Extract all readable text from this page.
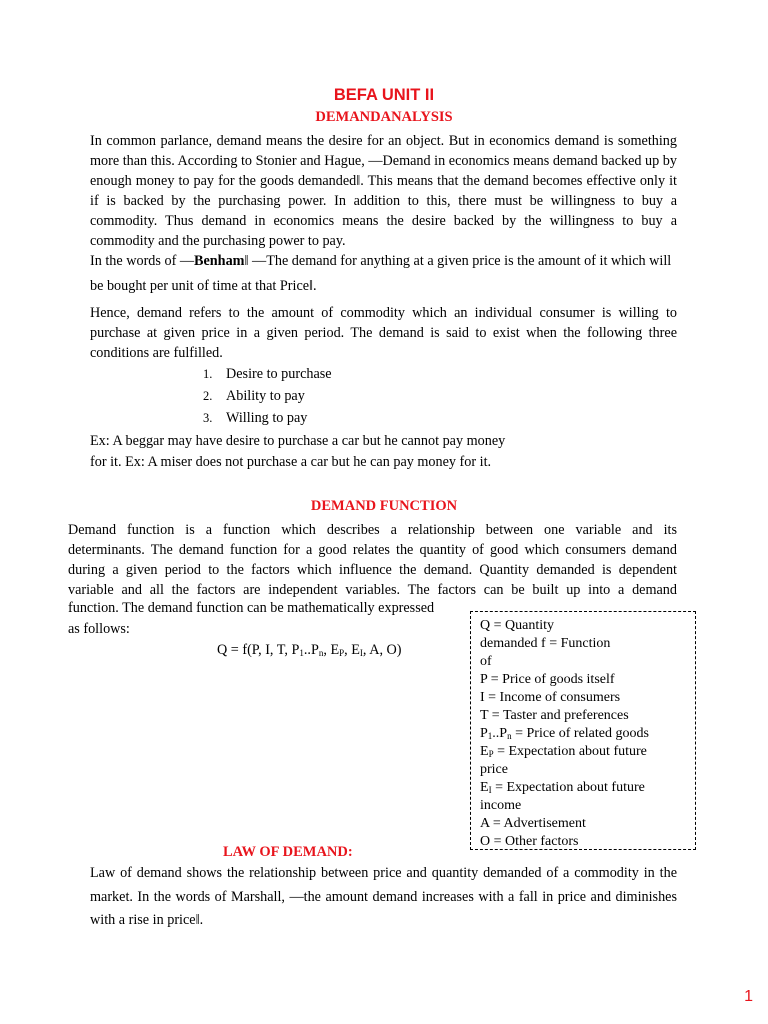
BEFA UNIT II
DEMANDANALYSIS
In common parlance, demand means the desire for an object. But in economics demand is something more than this. According to Stonier and Hague, —Demand in economics means demand backed up by enough money to pay for the goods demanded‖. This means that the demand becomes effective only it if is backed by the purchasing power. In addition to this, there must be willingness to buy a commodity. Thus demand in economics means the desire backed by the willingness to buy a commodity and the purchasing power to pay.
In the words of —Benham‖ —The demand for anything at a given price is the amount of it which will
be bought per unit of time at that Price‖.
Hence, demand refers to the amount of commodity which an individual consumer is willing to purchase at given price in a given period. The demand is said to exist when the following three conditions are fulfilled.
1. Desire to purchase
2. Ability to pay
3. Willing to pay
Ex: A beggar may have desire to purchase a car but he cannot pay money
for it. Ex: A miser does not purchase a car but he can pay money for it.
DEMAND FUNCTION
Demand function is a function which describes a relationship between one variable and its
determinants. The demand function for a good relates the quantity of good which consumers demand
during a given period to the factors which influence the demand. Quantity demanded is dependent
variable and all the factors are independent variables. The factors can be built up into a demand
function. The demand function can be mathematically expressed
as follows:
Q = f(P, I, T, $P_1..P_n$, $E_P$, $E_I$, A, O)
Q = Quantity
demanded f = Function
of
P = Price of goods itself
I = Income of consumers
T = Taster and preferences
$P_1..P_n$ = Price of related goods
$E_P$ = Expectation about future
price
$E_I$ = Expectation about future
income
A = Advertisement
O = Other factors
LAW OF DEMAND:
Law of demand shows the relationship between price and quantity demanded of a commodity in the market. In the words of Marshall, —the amount demand increases with a fall in price and diminishes with a rise in price‖.
1
